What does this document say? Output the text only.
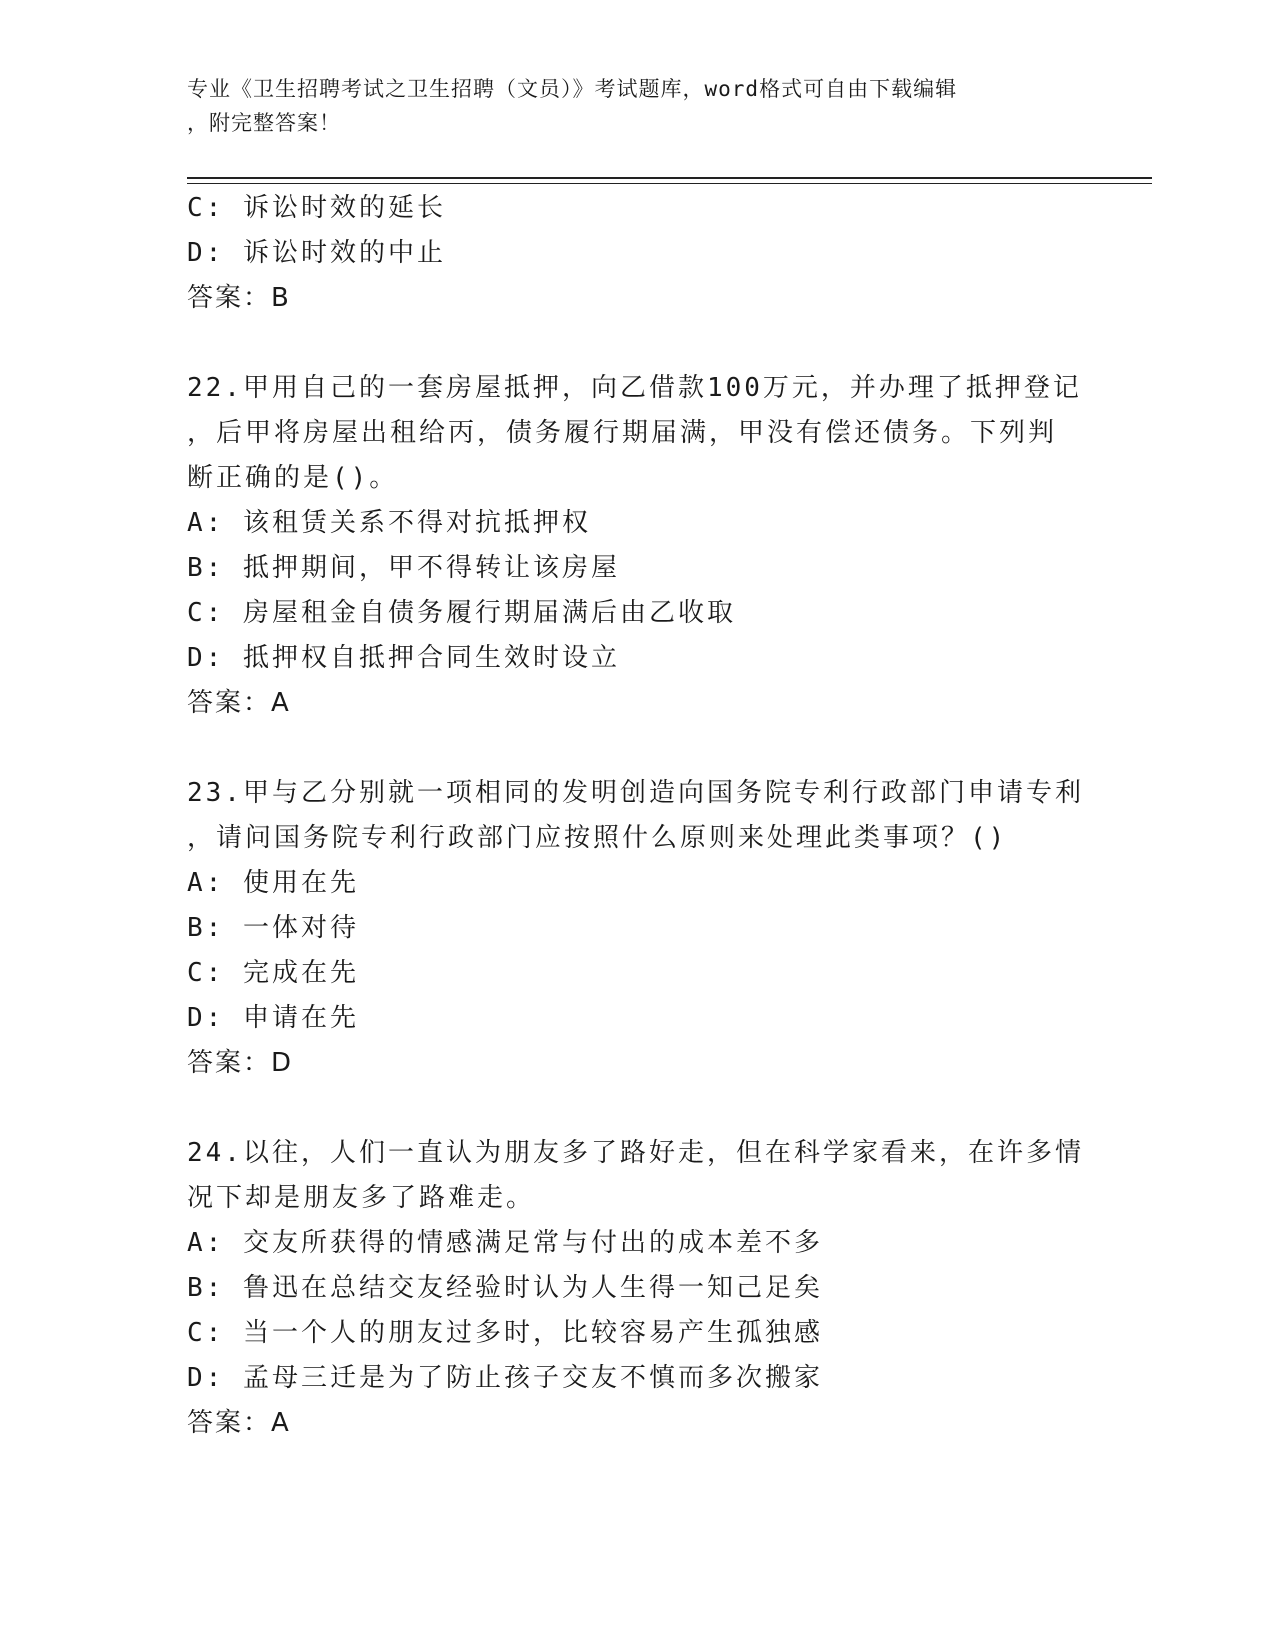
专业《卫生招聘考试之卫生招聘（文员）》考试题库，word格式可自由下载编辑
，附完整答案！
C: 诉讼时效的延长
D: 诉讼时效的中止
答案：B
22.甲用自己的一套房屋抵押，向乙借款100万元，并办理了抵押登记
，后甲将房屋出租给丙，债务履行期届满，甲没有偿还债务。下列判
断正确的是()。
A: 该租赁关系不得对抗抵押权
B: 抵押期间，甲不得转让该房屋
C: 房屋租金自债务履行期届满后由乙收取
D: 抵押权自抵押合同生效时设立
答案：A
23.甲与乙分别就一项相同的发明创造向国务院专利行政部门申请专利
，请问国务院专利行政部门应按照什么原则来处理此类事项？()
A: 使用在先
B: 一体对待
C: 完成在先
D: 申请在先
答案：D
24.以往，人们一直认为朋友多了路好走，但在科学家看来，在许多情
况下却是朋友多了路难走。
A: 交友所获得的情感满足常与付出的成本差不多
B: 鲁迅在总结交友经验时认为人生得一知己足矣
C: 当一个人的朋友过多时，比较容易产生孤独感
D: 孟母三迁是为了防止孩子交友不慎而多次搬家
答案：A
